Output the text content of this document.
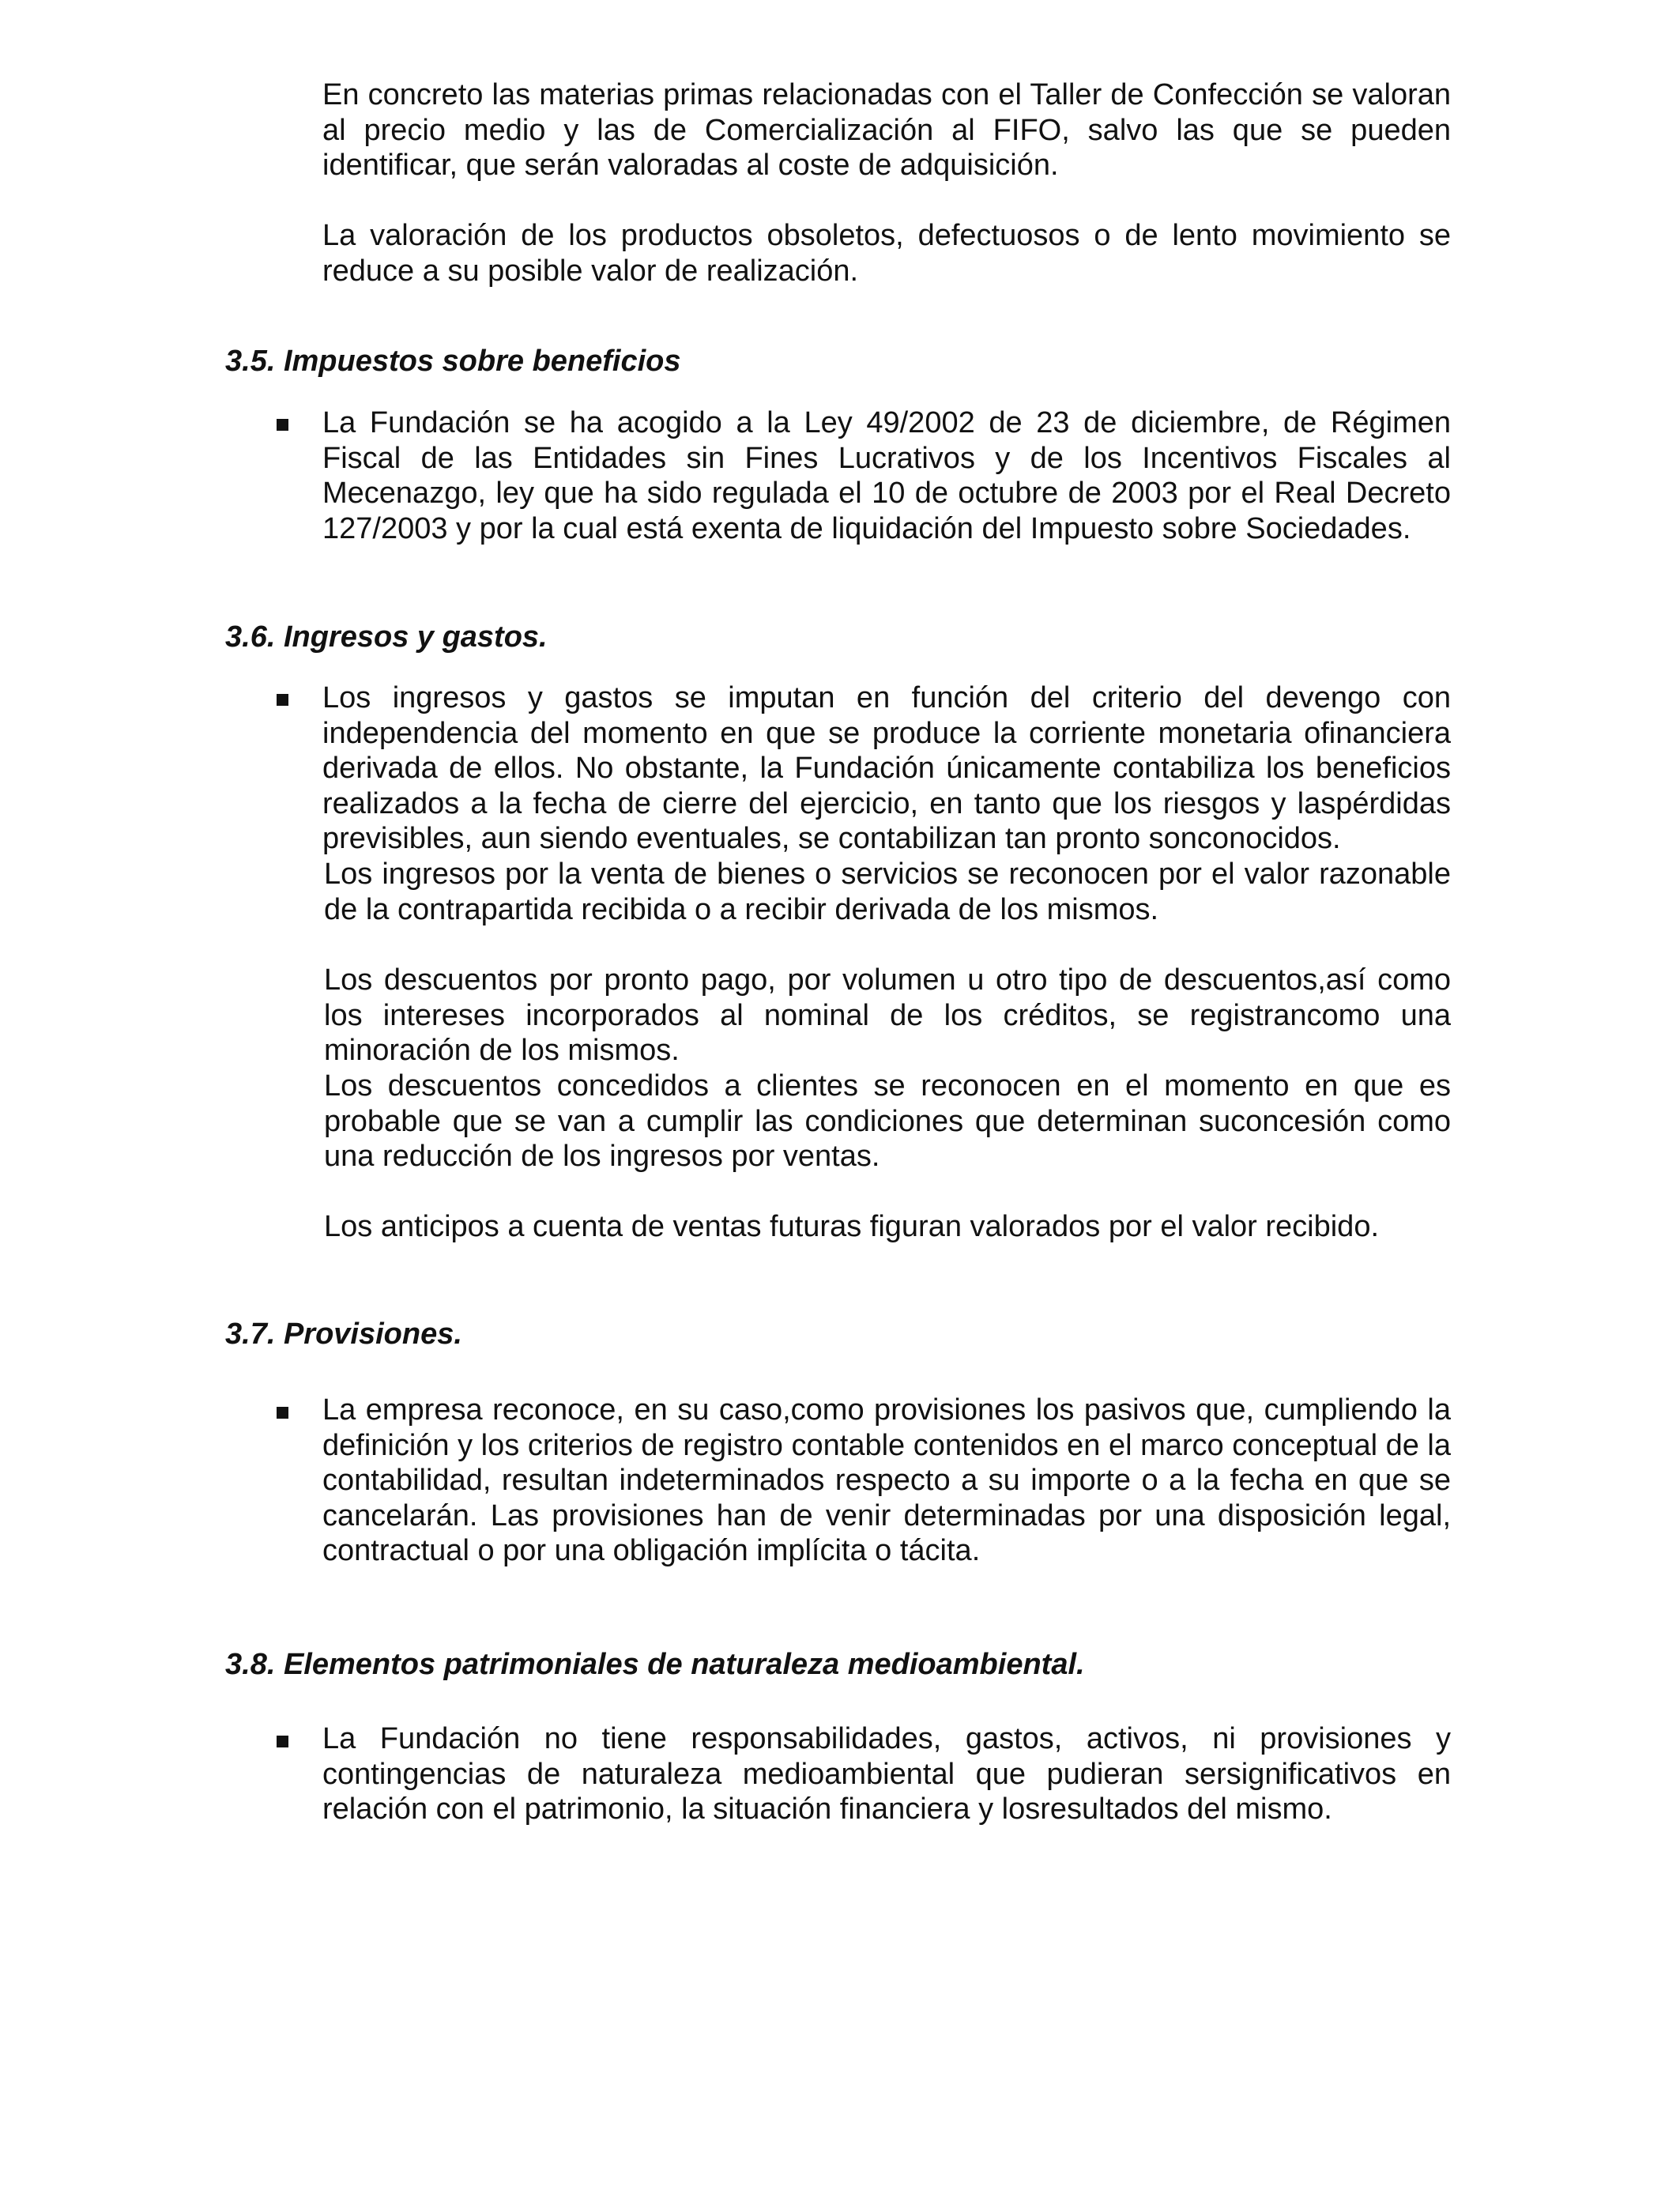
En concreto las materias primas relacionadas con el Taller de Confección se valoran al precio medio y las de Comercialización al FIFO, salvo las que se pueden identificar, que serán valoradas al coste de adquisición.

La valoración de los productos obsoletos, defectuosos o de lento movimiento se reduce a su posible valor de realización.

3.5. Impuestos sobre beneficios

La Fundación se ha acogido a la Ley 49/2002 de 23 de diciembre, de Régimen Fiscal de las Entidades sin Fines Lucrativos y de los Incentivos Fiscales al Mecenazgo, ley que ha sido regulada el 10 de octubre de 2003 por el Real Decreto 127/2003 y por la cual está exenta de liquidación del Impuesto sobre Sociedades.

3.6. Ingresos y gastos.

Los ingresos y gastos se imputan en función del criterio del devengo con independencia del momento en que se produce la corriente monetaria ofinanciera derivada de ellos. No obstante, la Fundación únicamente contabiliza los beneficios realizados a la fecha de cierre del ejercicio, en tanto que los riesgos y laspérdidas previsibles, aun siendo eventuales, se contabilizan tan pronto sonconocidos.

Los ingresos por la venta de bienes o servicios se reconocen por el valor razonable de la contrapartida recibida o a recibir derivada de los mismos.

Los descuentos por pronto pago, por volumen u otro tipo de descuentos,así como los intereses incorporados al nominal de los créditos, se registrancomo una minoración de los mismos.

Los descuentos concedidos a clientes se reconocen en el momento en que es probable que se van a cumplir las condiciones que determinan suconcesión como una reducción de los ingresos por ventas.

Los anticipos a cuenta de ventas futuras figuran valorados por el valor recibido.

3.7. Provisiones.

La empresa reconoce, en su caso,como provisiones los pasivos que, cumpliendo la definición y los criterios de registro contable contenidos en el marco conceptual de la contabilidad, resultan indeterminados respecto a su importe o a la fecha en que se cancelarán. Las provisiones han de venir determinadas por una disposición legal, contractual o por una obligación implícita o tácita.

3.8. Elementos patrimoniales de naturaleza medioambiental.

La Fundación no tiene responsabilidades, gastos, activos, ni provisiones y contingencias de naturaleza medioambiental que pudieran sersignificativos en relación con el patrimonio, la situación financiera y losresultados del mismo.
